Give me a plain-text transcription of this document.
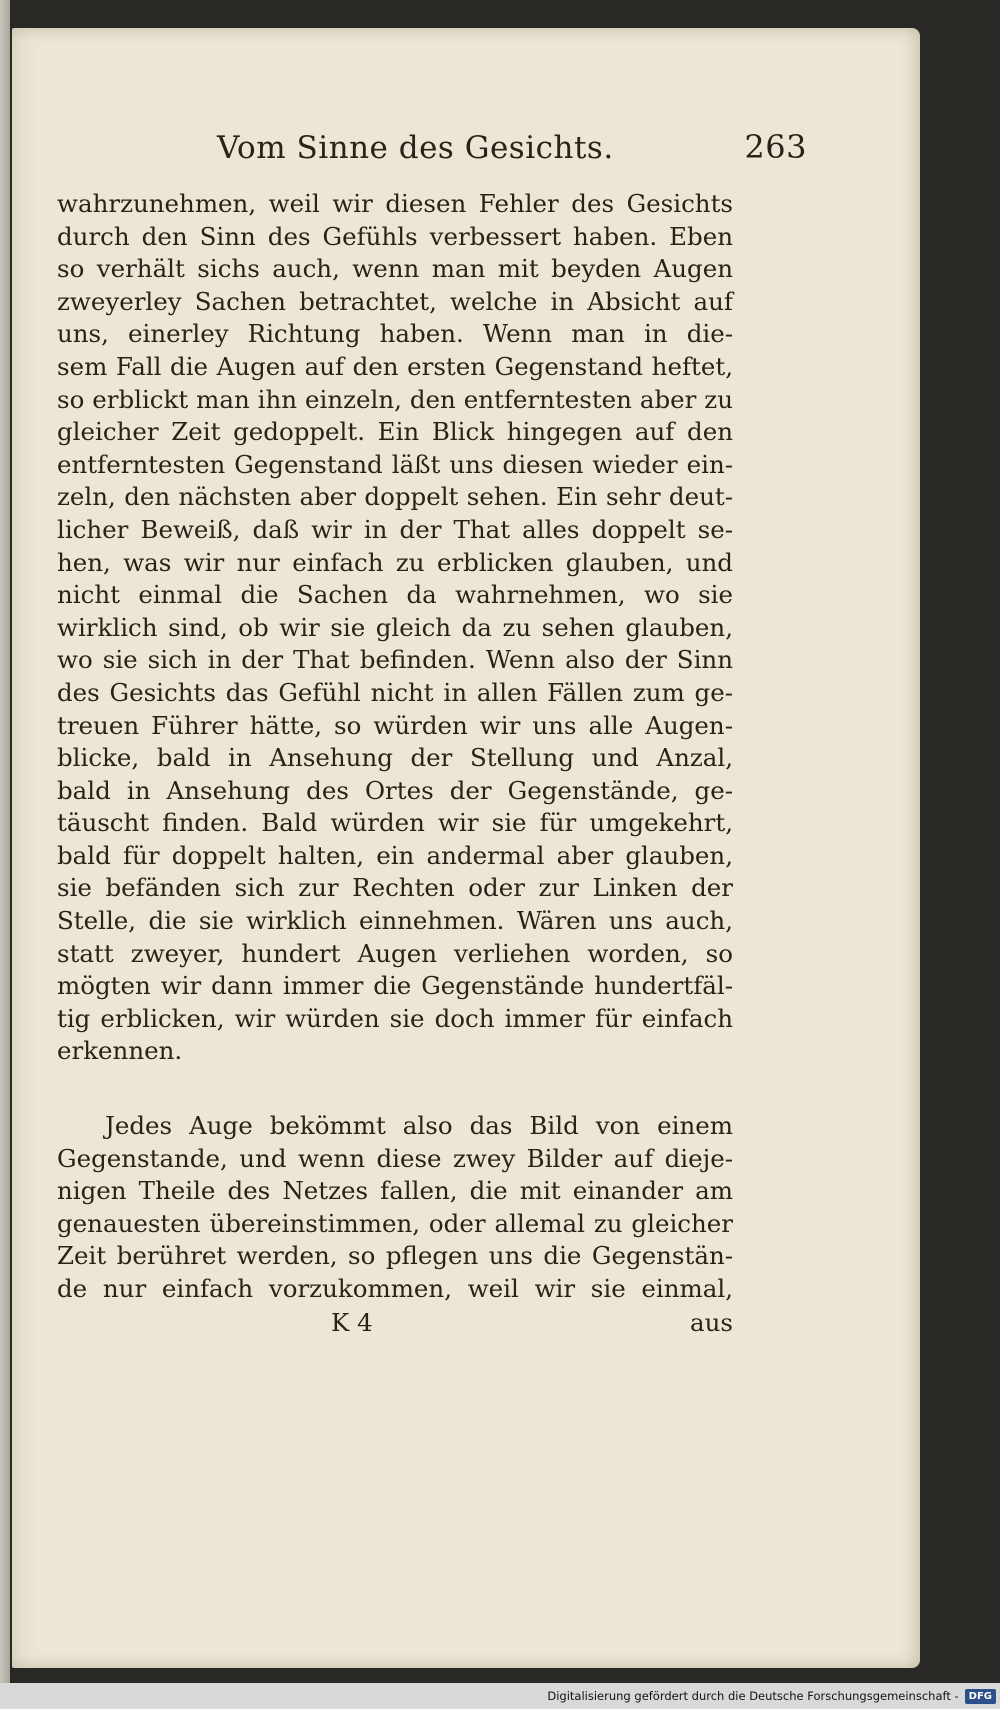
Vom Sinne des Gesichts.	263
wahrzunehmen, weil wir diesen Fehler des Gesichts
durch den Sinn des Gefühls verbessert haben. Eben
so verhält sichs auch, wenn man mit beyden Augen
zweyerley Sachen betrachtet, welche in Absicht auf
uns, einerley Richtung haben. Wenn man in die-
sem Fall die Augen auf den ersten Gegenstand heftet,
so erblickt man ihn einzeln, den entferntesten aber zu
gleicher Zeit gedoppelt. Ein Blick hingegen auf den
entferntesten Gegenstand läßt uns diesen wieder ein-
zeln, den nächsten aber doppelt sehen. Ein sehr deut-
licher Beweiß, daß wir in der That alles doppelt se-
hen, was wir nur einfach zu erblicken glauben, und
nicht einmal die Sachen da wahrnehmen, wo sie
wirklich sind, ob wir sie gleich da zu sehen glauben,
wo sie sich in der That befinden. Wenn also der Sinn
des Gesichts das Gefühl nicht in allen Fällen zum ge-
treuen Führer hätte, so würden wir uns alle Augen-
blicke, bald in Ansehung der Stellung und Anzal,
bald in Ansehung des Ortes der Gegenstände, ge-
täuscht finden. Bald würden wir sie für umgekehrt,
bald für doppelt halten, ein andermal aber glauben,
sie befänden sich zur Rechten oder zur Linken der
Stelle, die sie wirklich einnehmen. Wären uns auch,
statt zweyer, hundert Augen verliehen worden, so
mögten wir dann immer die Gegenstände hundertfäl-
tig erblicken, wir würden sie doch immer für einfach
erkennen.
Jedes Auge bekömmt also das Bild von einem
Gegenstande, und wenn diese zwey Bilder auf dieje-
nigen Theile des Netzes fallen, die mit einander am
genauesten übereinstimmen, oder allemal zu gleicher
Zeit berühret werden, so pflegen uns die Gegenstän-
de nur einfach vorzukommen, weil wir sie einmal,
K 4	aus
Digitalisierung gefördert durch die Deutsche Forschungsgemeinschaft -	DFG
